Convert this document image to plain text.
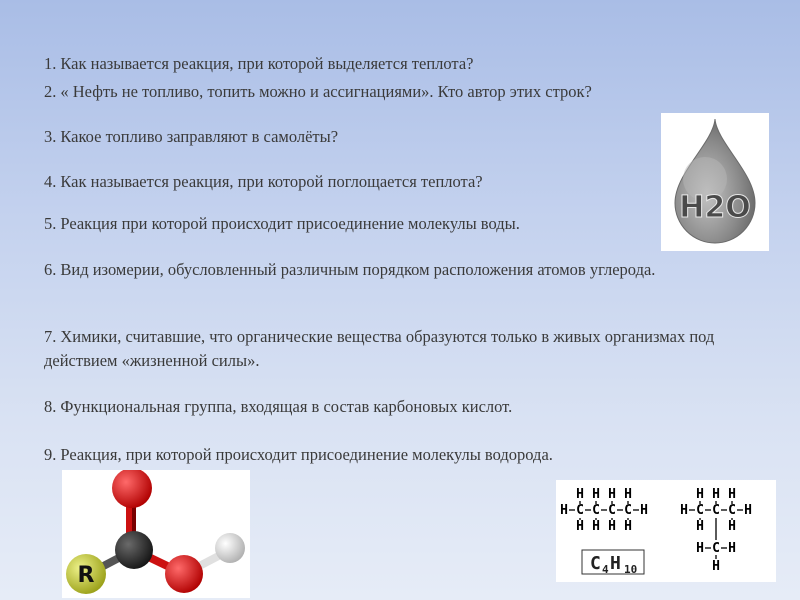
1. Как называется реакция, при которой выделяется теплота?

2. « Нефть не топливо, топить можно и ассигнациями». Кто автор этих строк?

3. Какое топливо заправляют в самолёты?

4. Как называется реакция, при которой поглощается теплота?

5. Реакция при которой происходит присоединение молекулы воды.

6. Вид изомерии, обусловленный различным порядком расположения атомов углерода.

7. Химики, считавшие, что органические вещества образуются только в живых организмах под действием «жизненной силы».

8. Функциональная группа, входящая в состав карбоновых кислот.

9. Реакция, при которой происходит присоединение молекулы водорода.

H2O
R
H
H
C
H
H
C
H
H
C
H
H
C
H	H
H
C
H
C
H
C
H	H
H H
C
H H
H
C 4 H 10
